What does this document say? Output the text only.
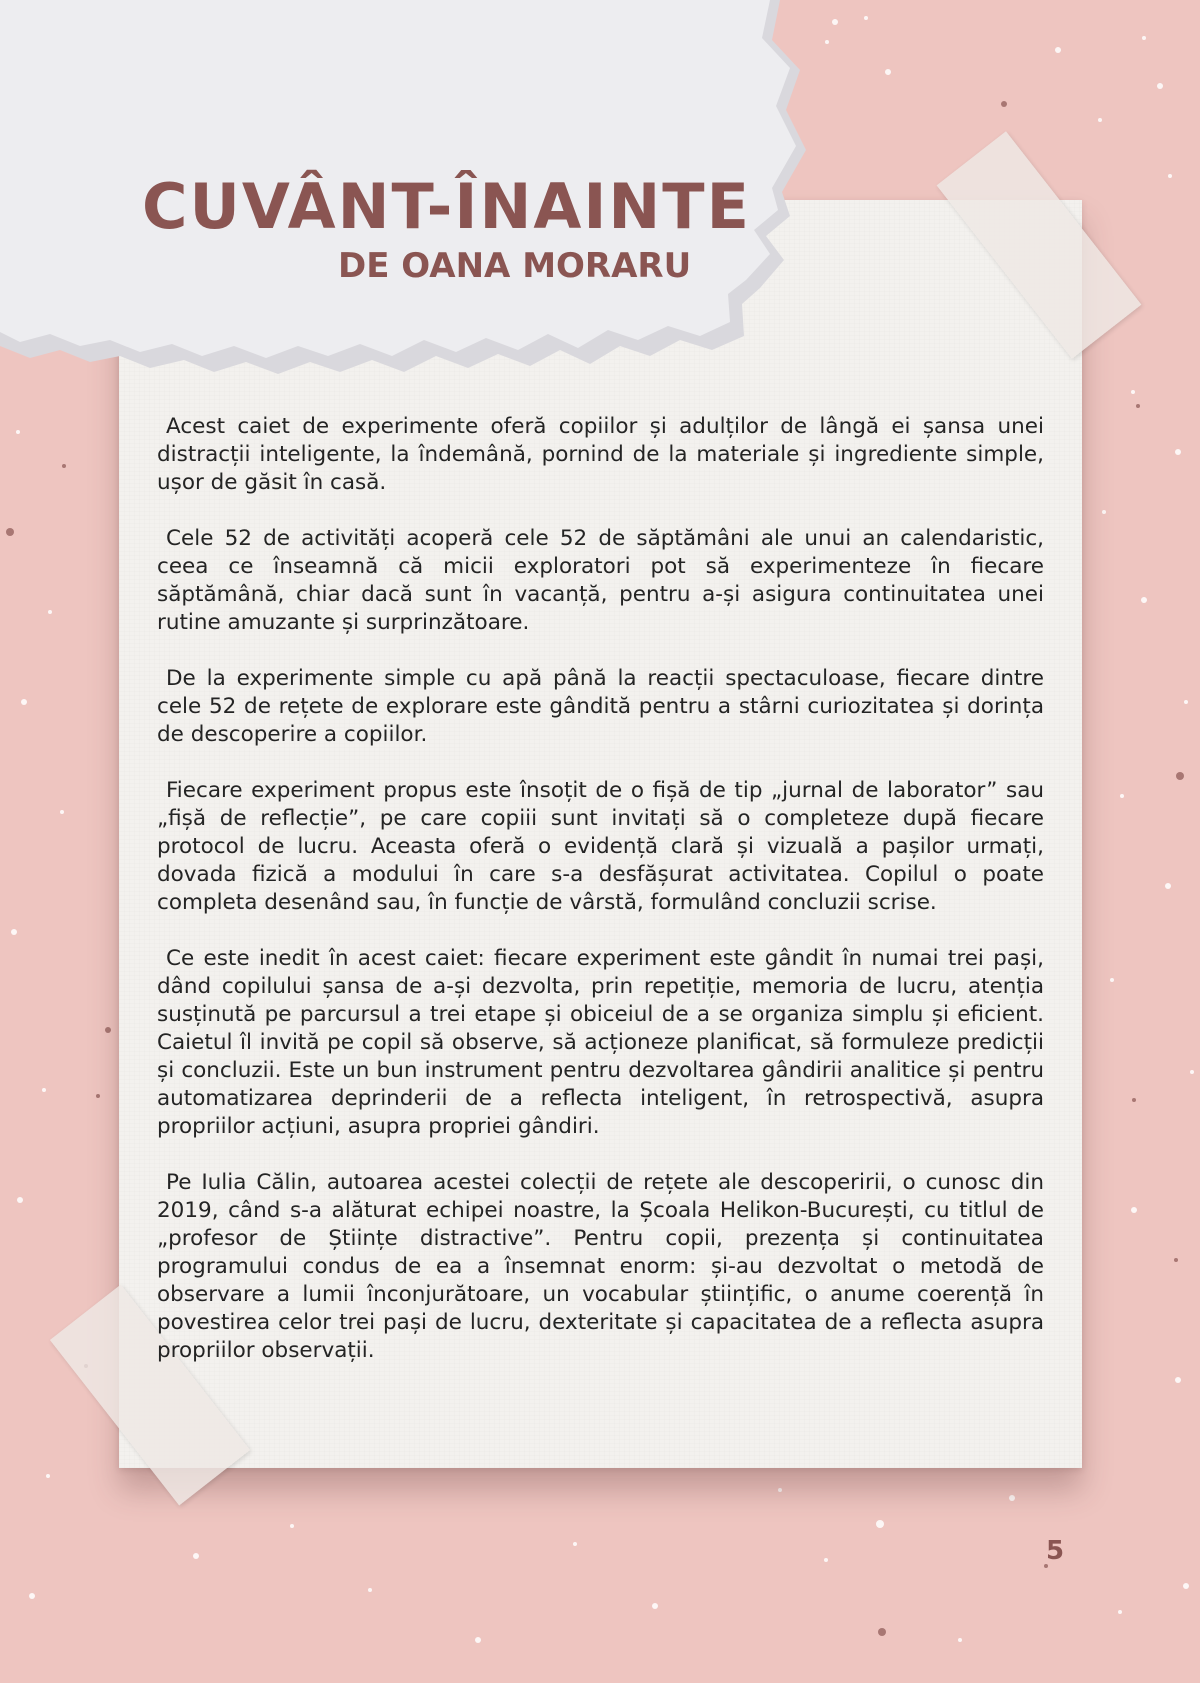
CUVÂNT-ÎNAINTE
DE OANA MORARU

Acest caiet de experimente oferă copiilor și adulților de lângă ei șansa unei distracții inteligente, la îndemână, pornind de la materiale și ingrediente simple, ușor de găsit în casă.

Cele 52 de activități acoperă cele 52 de săptămâni ale unui an calendaristic, ceea ce înseamnă că micii exploratori pot să experimenteze în fiecare săptămână, chiar dacă sunt în vacanță, pentru a-și asigura continuitatea unei rutine amuzante și surprinzătoare.

De la experimente simple cu apă până la reacții spectaculoase, fiecare dintre cele 52 de rețete de explorare este gândită pentru a stârni curiozitatea și dorința de descoperire a copiilor.

Fiecare experiment propus este însoțit de o fișă de tip „jurnal de laborator” sau „fișă de reflecție”, pe care copiii sunt invitați să o completeze după fiecare protocol de lucru. Aceasta oferă o evidență clară și vizuală a pașilor urmați, dovada fizică a modului în care s-a desfășurat activitatea. Copilul o poate completa desenând sau, în funcție de vârstă, formulând concluzii scrise.

Ce este inedit în acest caiet: fiecare experiment este gândit în numai trei pași, dând copilului șansa de a-și dezvolta, prin repetiție, memoria de lucru, atenția susținută pe parcursul a trei etape și obiceiul de a se organiza simplu și eficient. Caietul îl invită pe copil să observe, să acționeze planificat, să formuleze predicții și concluzii. Este un bun instrument pentru dezvoltarea gândirii analitice și pentru automatizarea deprinderii de a reflecta inteligent, în retrospectivă, asupra propriilor acțiuni, asupra propriei gândiri.

Pe Iulia Călin, autoarea acestei colecții de rețete ale descoperirii, o cunosc din 2019, când s-a alăturat echipei noastre, la Școala Helikon-București, cu titlul de „profesor de Științe distractive”. Pentru copii, prezența și continuitatea programului condus de ea a însemnat enorm: și-au dezvoltat o metodă de observare a lumii înconjurătoare, un vocabular științific, o anume coerență în povestirea celor trei pași de lucru, dexteritate și capacitatea de a reflecta asupra propriilor observații.

5
